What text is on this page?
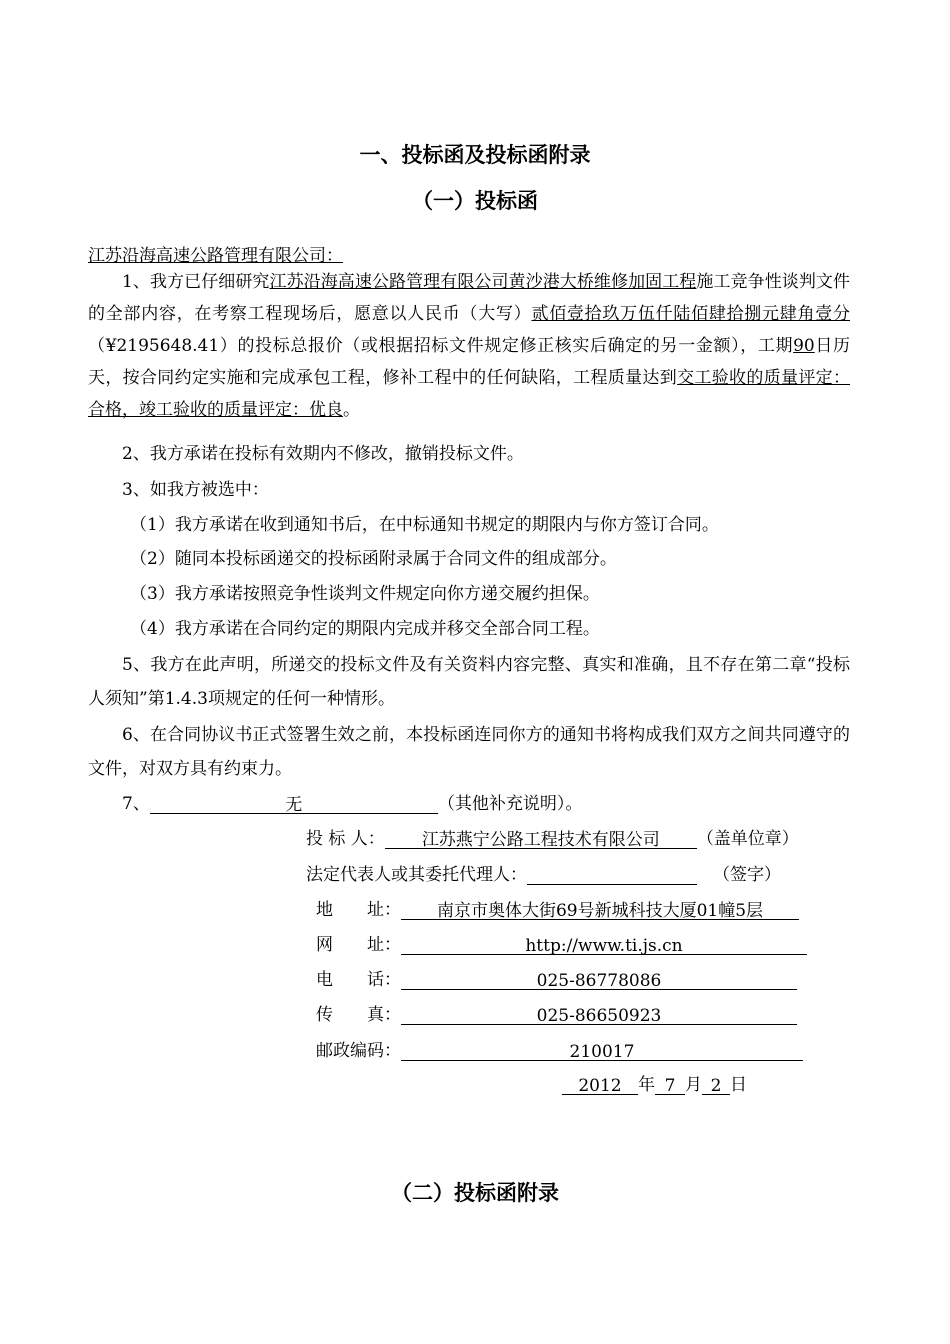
一、投标函及投标函附录
（一）投标函
江苏沿海高速公路管理有限公司：
1、我方已仔细研究江苏沿海高速公路管理有限公司黄沙港大桥维修加固工程施工竞争性谈判文件的全部内容，在考察工程现场后，愿意以人民币（大写）贰佰壹拾玖万伍仟陆佰肆拾捌元肆角壹分（¥2195648.41）的投标总报价（或根据招标文件规定修正核实后确定的另一金额），工期90日历天，按合同约定实施和完成承包工程，修补工程中的任何缺陷，工程质量达到交工验收的质量评定：合格，竣工验收的质量评定：优良。
2、我方承诺在投标有效期内不修改，撤销投标文件。
3、如我方被选中：
（1）我方承诺在收到通知书后，在中标通知书规定的期限内与你方签订合同。
（2）随同本投标函递交的投标函附录属于合同文件的组成部分。
（3）我方承诺按照竞争性谈判文件规定向你方递交履约担保。
（4）我方承诺在合同约定的期限内完成并移交全部合同工程。
5、我方在此声明，所递交的投标文件及有关资料内容完整、真实和准确，且不存在第二章“投标人须知”第1.4.3项规定的任何一种情形。
6、在合同协议书正式签署生效之前，本投标函连同你方的通知书将构成我们双方之间共同遵守的文件，对双方具有约束力。
7、	无	（其他补充说明）。
投 标 人： 江苏燕宁公路工程技术有限公司 （盖单位章）
法定代表人或其委托代理人：	（签字）
地　　址： 南京市奥体大街69号新城科技大厦01幢5层
网　　址：	http://www.ti.js.cn
电　　话：	025-86778086
传　　真：	025-86650923
邮政编码：	210017
2012 年 7 月 2 日
（二）投标函附录
